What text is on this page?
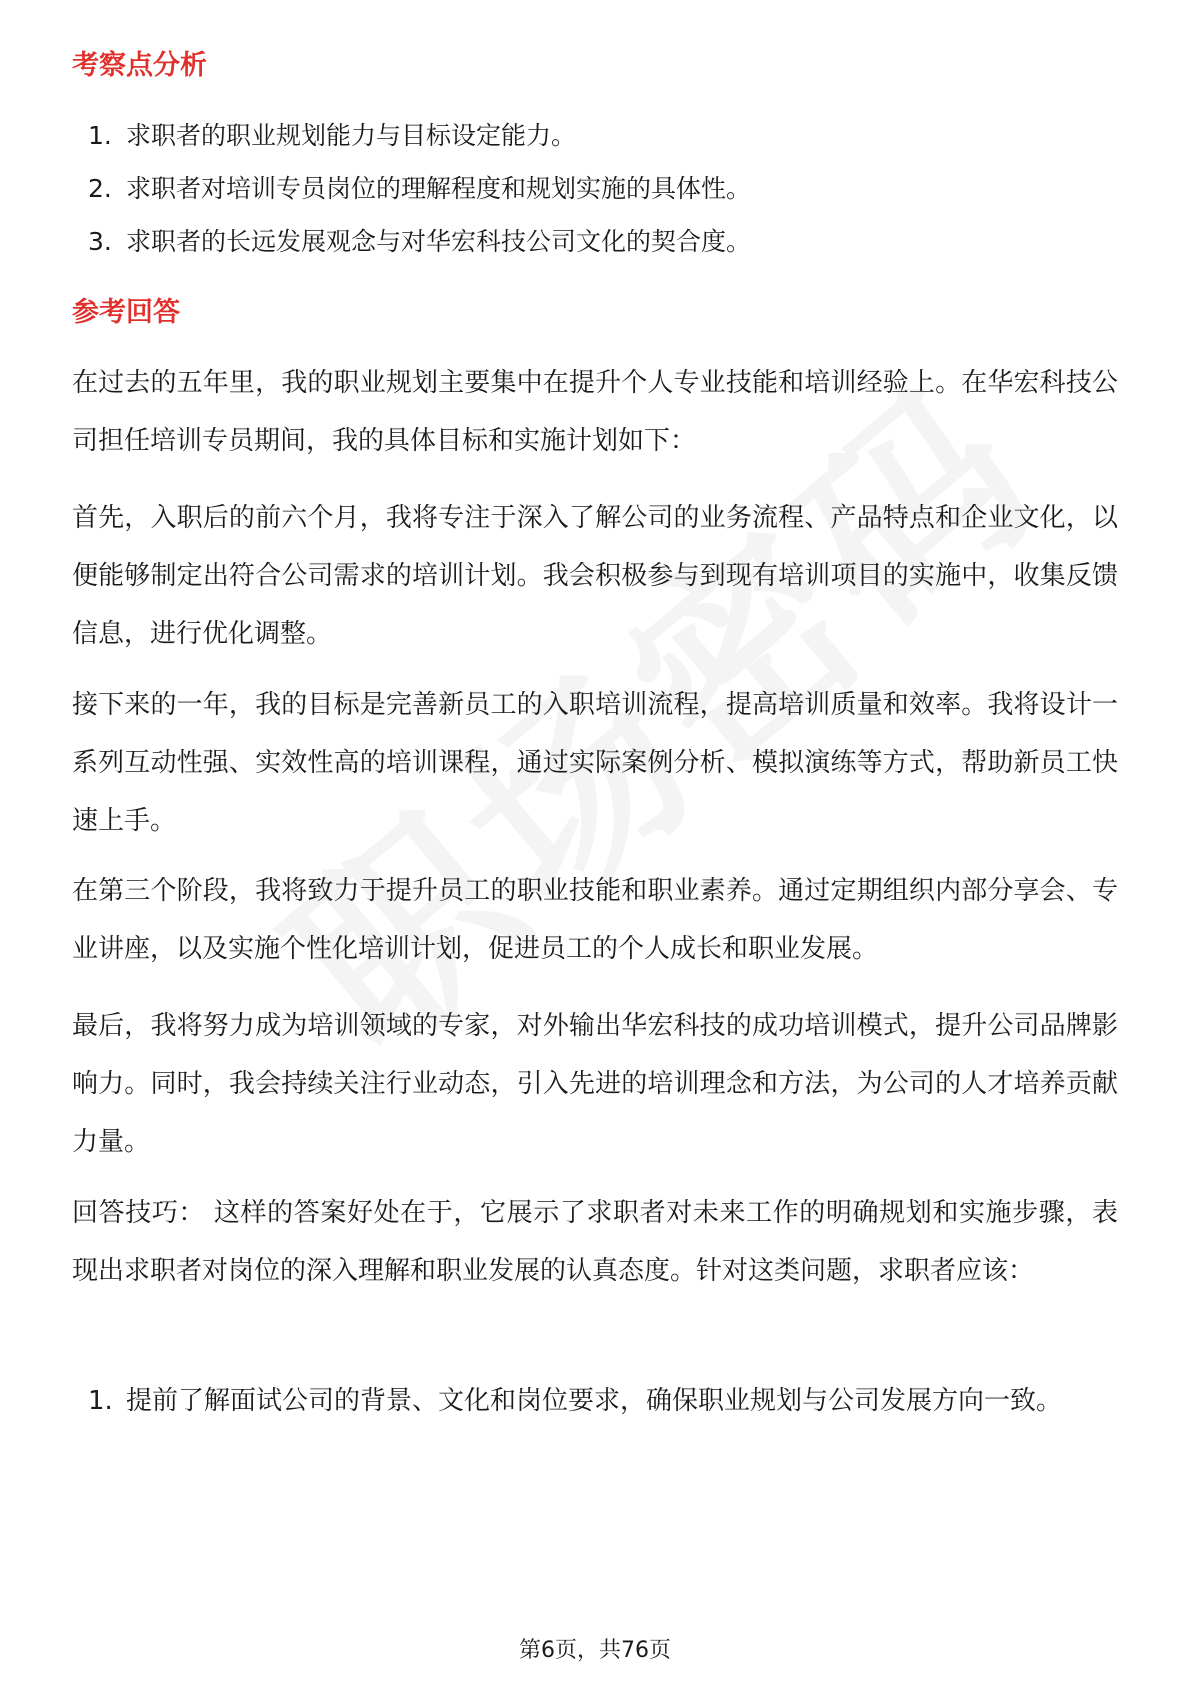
考察点分析
1. 求职者的职业规划能力与目标设定能力。
2. 求职者对培训专员岗位的理解程度和规划实施的具体性。
3. 求职者的长远发展观念与对华宏科技公司文化的契合度。
参考回答

在过去的五年里，我的职业规划主要集中在提升个人专业技能和培训经验上。在华宏科技公司担任培训专员期间，我的具体目标和实施计划如下：

首先，入职后的前六个月，我将专注于深入了解公司的业务流程、产品特点和企业文化，以便能够制定出符合公司需求的培训计划。我会积极参与到现有培训项目的实施中，收集反馈信息，进行优化调整。

接下来的一年，我的目标是完善新员工的入职培训流程，提高培训质量和效率。我将设计一系列互动性强、实效性高的培训课程，通过实际案例分析、模拟演练等方式，帮助新员工快速上手。

在第三个阶段，我将致力于提升员工的职业技能和职业素养。通过定期组织内部分享会、专业讲座，以及实施个性化培训计划，促进员工的个人成长和职业发展。

最后，我将努力成为培训领域的专家，对外输出华宏科技的成功培训模式，提升公司品牌影响力。同时，我会持续关注行业动态，引入先进的培训理念和方法，为公司的人才培养贡献力量。

回答技巧： 这样的答案好处在于，它展示了求职者对未来工作的明确规划和实施步骤，表现出求职者对岗位的深入理解和职业发展的认真态度。针对这类问题，求职者应该：

1. 提前了解面试公司的背景、文化和岗位要求，确保职业规划与公司发展方向一致。
第6页，共76页
